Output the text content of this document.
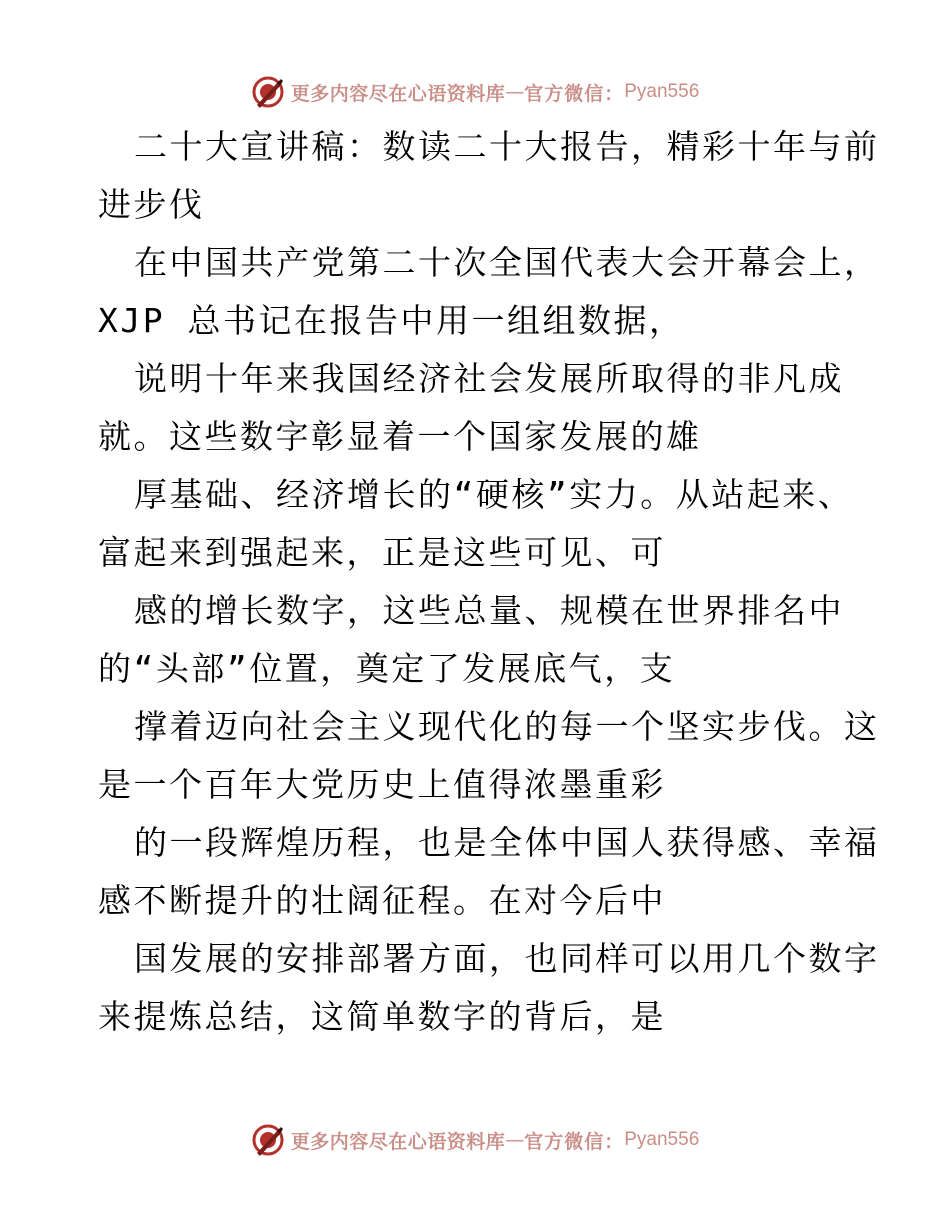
更多内容尽在心语资料库 — 官方微信： Pyan556
二十大宣讲稿：数读二十大报告，精彩十年与前
进步伐
在中国共产党第二十次全国代表大会开幕会上，
XJP 总书记在报告中用一组组数据，
说明十年来我国经济社会发展所取得的非凡成
就。这些数字彰显着一个国家发展的雄
厚基础、经济增长的“硬核”实力。从站起来、
富起来到强起来，正是这些可见、可
感的增长数字，这些总量、规模在世界排名中
的“头部”位置，奠定了发展底气，支
撑着迈向社会主义现代化的每一个坚实步伐。这
是一个百年大党历史上值得浓墨重彩
的一段辉煌历程，也是全体中国人获得感、幸福
感不断提升的壮阔征程。在对今后中
国发展的安排部署方面，也同样可以用几个数字
来提炼总结，这简单数字的背后，是
更多内容尽在心语资料库 — 官方微信： Pyan556
